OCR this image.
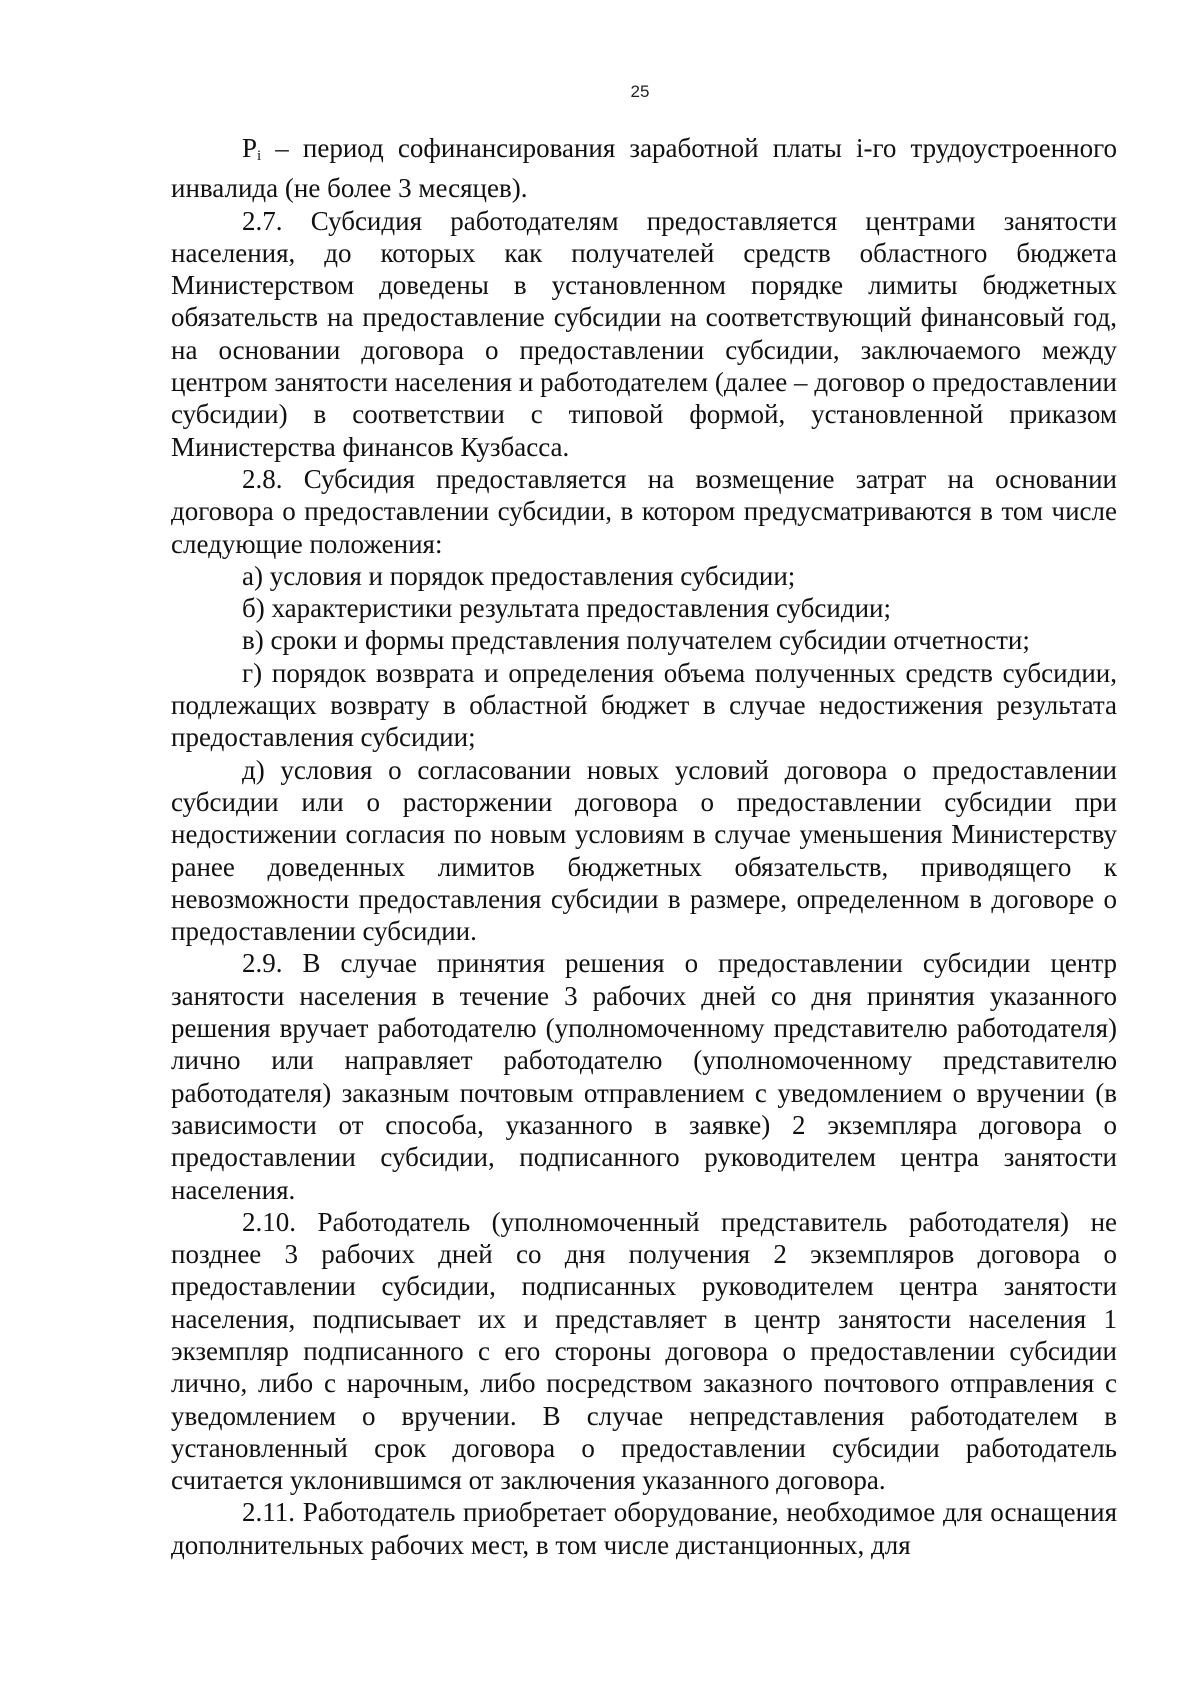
25

$P_i$ – период софинансирования заработной платы i-го трудоустроенного инвалида (не более 3 месяцев).

2.7. Субсидия работодателям предоставляется центрами занятости населения, до которых как получателей средств областного бюджета Министерством доведены в установленном порядке лимиты бюджетных обязательств на предоставление субсидии на соответствующий финансовый год, на основании договора о предоставлении субсидии, заключаемого между центром занятости населения и работодателем (далее – договор о предоставлении субсидии) в соответствии с типовой формой, установленной приказом Министерства финансов Кузбасса.

2.8. Субсидия предоставляется на возмещение затрат на основании договора о предоставлении субсидии, в котором предусматриваются в том числе следующие положения:

а) условия и порядок предоставления субсидии;

б) характеристики результата предоставления субсидии;

в) сроки и формы представления получателем субсидии отчетности;

г) порядок возврата и определения объема полученных средств субсидии, подлежащих возврату в областной бюджет в случае недостижения результата предоставления субсидии;

д) условия о согласовании новых условий договора о предоставлении субсидии или о расторжении договора о предоставлении субсидии при недостижении согласия по новым условиям в случае уменьшения Министерству ранее доведенных лимитов бюджетных обязательств, приводящего к невозможности предоставления субсидии в размере, определенном в договоре о предоставлении субсидии.

2.9. В случае принятия решения о предоставлении субсидии центр занятости населения в течение 3 рабочих дней со дня принятия указанного решения вручает работодателю (уполномоченному представителю работодателя) лично или направляет работодателю (уполномоченному представителю работодателя) заказным почтовым отправлением с уведомлением о вручении (в зависимости от способа, указанного в заявке) 2 экземпляра договора о предоставлении субсидии, подписанного руководителем центра занятости населения.

2.10. Работодатель (уполномоченный представитель работодателя) не позднее 3 рабочих дней со дня получения 2 экземпляров договора о предоставлении субсидии, подписанных руководителем центра занятости населения, подписывает их и представляет в центр занятости населения 1 экземпляр подписанного с его стороны договора о предоставлении субсидии лично, либо с нарочным, либо посредством заказного почтового отправления с уведомлением о вручении. В случае непредставления работодателем в установленный срок договора о предоставлении субсидии работодатель считается уклонившимся от заключения указанного договора.

2.11. Работодатель приобретает оборудование, необходимое для оснащения дополнительных рабочих мест, в том числе дистанционных, для
